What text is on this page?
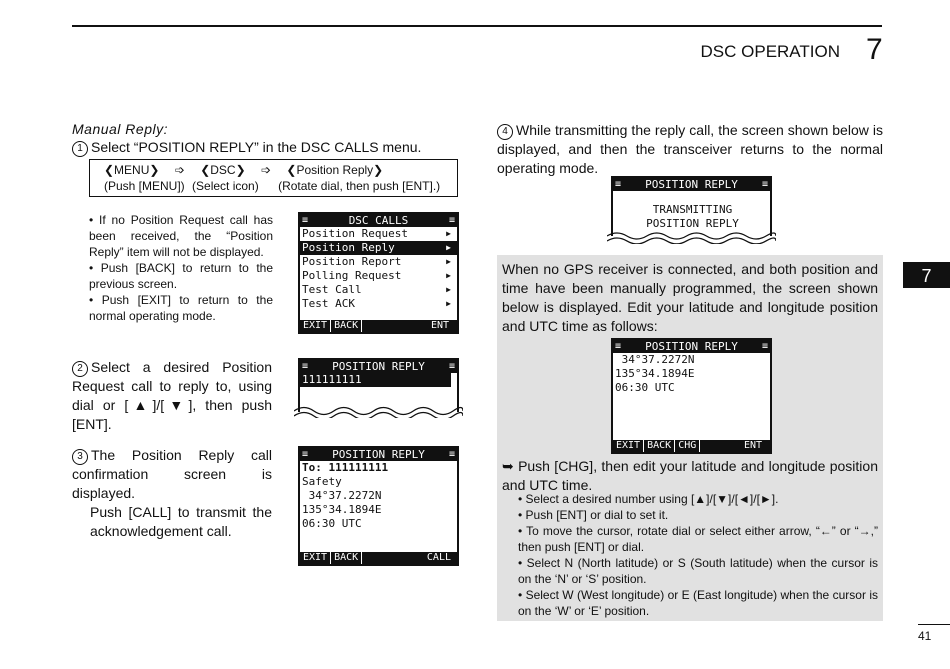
DSC OPERATION 7
7
Manual Reply:
1 Select “POSITION REPLY” in the DSC CALLS menu.
❮MENU❯ ➩ ❮DSC❯ ➩ ❮Position Reply❯
(Push [MENU]) (Select icon) (Rotate dial, then push [ENT].)
• If no Position Request call has been received, the “Position Reply” item will not be displayed.
• Push [BACK] to return to the previous screen.
• Push [EXIT] to return to the normal operating mode.
≡	DSC CALLS	≡
Position Request	▶
Position Reply	▶
Position Report	▶
Polling Request	▶
Test Call	▶
Test ACK	▶
EXIT BACK	ENT
2 Select a desired Position Request call to reply to, using dial or [▲]/[▼], then push [ENT].
≡ POSITION REPLY ≡
111111111
3 The Position Reply call confirmation screen is displayed.
Push [CALL] to transmit the acknowledgement call.
≡ POSITION REPLY ≡
To: 111111111
Safety
34°37.2272N
135°34.1894E
06:30 UTC
EXIT BACK	CALL
4 While transmitting the reply call, the screen shown below is displayed, and then the transceiver returns to the normal operating mode.
≡ POSITION REPLY ≡
TRANSMITTING
POSITION REPLY
When no GPS receiver is connected, and both position and time have been manually programmed, the screen shown below is displayed. Edit your latitude and longitude position and UTC time as follows:
≡ POSITION REPLY ≡
34°37.2272N
135°34.1894E
06:30 UTC
EXIT BACK CHG	ENT
➥ Push [CHG], then edit your latitude and longitude position and UTC time.
• Select a desired number using [▲]/[▼]/[◄]/[►].
• Push [ENT] or dial to set it.
• To move the cursor, rotate dial or select either arrow, “←” or “→,” then push [ENT] or dial.
• Select N (North latitude) or S (South latitude) when the cursor is on the ‘N’ or ‘S’ position.
• Select W (West longitude) or E (East longitude) when the cursor is on the ‘W’ or ‘E’ position.
41
